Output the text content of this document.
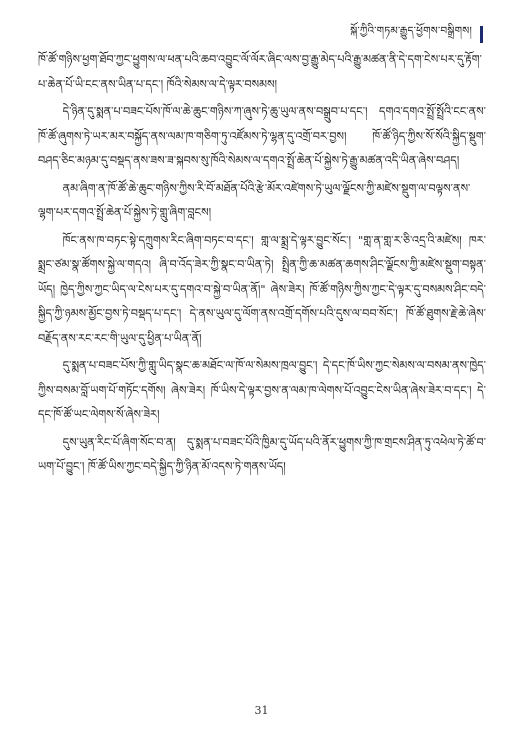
སྐོ་ཀྱིའི་གཏམ་རྒྱུད་ཕྱོགས་བསྒྲིགས།

ཁོ་ཚོ་གཉིས་ཕྱག་ཐོབ་ཀྱང་ཕྱུགས་ལ་ཕན་པའི་ཆབ་འབྱུང་ལོ་ལོར་ཞིང་ལས་བྱ་རྒྱུ་མེད་པའི་རྒྱུ་མཚན་ནི་དེ་དག་ངེས་པར་དུ་རྟོག་པ་ཆེན་པོ་ཡི་ངང་ནས་ཡིན་པ་དང་། ཁོའི་སེམས་ལ་དེ་ལྟར་བསམས།

དེ་ཉིན་དུ་སྨན་པ་བཟང་པོས་ཁོ་ལ་ཆེ་ཆུང་གཉིས་ཀ་ཞུས་ཏེ་ཆུ་ཡུལ་ནས་བསྒྲུབ་པ་དང་། དགའ་དགའ་སྤྲོ་སྤྲོའི་ངང་ནས་ཁོ་ཚོ་ཞུགས་ཏེ་ཡར་མར་བསྐྱོད་ནས་ལམ་ཁ་གཅིག་ཏུ་འཛོམས་ཏེ་ལྷན་དུ་འགྲོ་བར་བྱས། ཁོ་ཚོ་ཉིད་ཀྱིས་སོ་སོའི་སྐྱིད་སྡུག་བཤད་ཅིང་མཉམ་དུ་བསྡད་ནས་ཟས་ཟ་སྐབས་སུ་ཁོའི་སེམས་ལ་དགའ་སྤྲོ་ཆེན་པོ་སྐྱེས་ཏེ་རྒྱུ་མཚན་འདི་ཡིན་ཞེས་བཤད།

ནམ་ཞིག་ན་ཁོ་ཚོ་ཆེ་ཆུང་གཉིས་ཀྱིས་རི་བོ་མཐོན་པོའི་རྩེ་མོར་འཛེགས་ཏེ་ཡུལ་ལྗོངས་ཀྱི་མཛེས་སྡུག་ལ་བལྟས་ནས་ལྷག་པར་དགའ་སྤྲོ་ཆེན་པོ་སྐྱེས་ཏེ་གླུ་ཞིག་བླངས།

ཁོང་ནས་ཁ་བཏང་སྟེ་དཀྲུགས་རིང་ཞིག་བཏང་བ་དང་། གླ་ལ་སྨྲ་དེ་ལྟར་བྱུང་སོང་། "གླ་ན་གླ་ར་ཅི་འདྲ་འི་མཛེས། ཁར་སྨྲང་ཙམ་སྣ་ཚོགས་སྐྱེ་ལ་གདའ། ཞི་བ་འོད་ཟེར་ཀྱི་སྣང་བ་ཡིན་ཏེ། སྤྲིན་ཀྱི་ཆ་མཚན་ཆགས་ཤིང་ལྗོངས་ཀྱི་མཛེས་སྡུག་བསྟན་ཡོད། ཁྱེད་ཀྱིས་ཀྱང་ཡིད་ལ་ངེས་པར་དུ་དགའ་བ་སྐྱེ་བ་ཡིན་ནོ།" ཞེས་ཟེར། ཁོ་ཚོ་གཉིས་ཀྱིས་ཀྱང་དེ་ལྟར་དུ་བསམས་ཤིང་བདེ་སྐྱིད་ཀྱི་ཉམས་མྱོང་བྱས་ཏེ་བསྡད་པ་དང་། དེ་ནས་ཡུལ་དུ་ལོག་ནས་འགྲོ་དགོས་པའི་དུས་ལ་བབ་སོང་། ཁོ་ཚོ་ཐུགས་རྗེ་ཆེ་ཞེས་བརྗོད་ནས་རང་རང་གི་ཡུལ་དུ་ཕྱིན་པ་ཡིན་ནོ།

དུ་སྨན་པ་བཟང་པོས་ཀྱི་གླུ་ཡིད་སྣང་ཆ་མཐོང་ལ་ཁོ་ལ་སེམས་ཁྲལ་བྱུང་། དེ་དང་ཁོ་ཡིས་ཀྱང་སེམས་ལ་བསམ་ནས་ཁྱེད་ཀྱིས་བསམ་བློ་ཡག་པོ་གཏོང་དགོས། ཞེས་ཟེར། ཁོ་ཡིས་དེ་ལྟར་བྱས་ན་ལམ་ཁ་ལེགས་པོ་འབྱུང་ངེས་ཡིན་ཞེས་ཟེར་བ་དང་། དེ་དང་ཁོ་ཚོ་ཡང་ལེགས་སོ་ཞེས་ཟེར།

དུས་ཡུན་རིང་པོ་ཞིག་སོང་བ་ན། དུ་སྨན་པ་བཟང་པོའི་ཁྱིམ་དུ་ཡོད་པའི་ནོར་ཕྱུགས་ཀྱི་ཁ་གྲངས་ཤིན་ཏུ་འཕེལ་ཏེ་ཚོ་བ་ཡག་པོ་བྱུང་། ཁོ་ཚོ་ཡིས་ཀྱང་བདེ་སྐྱིད་ཀྱི་ཉིན་མོ་འདས་ཏེ་གནས་ཡོད།

31
